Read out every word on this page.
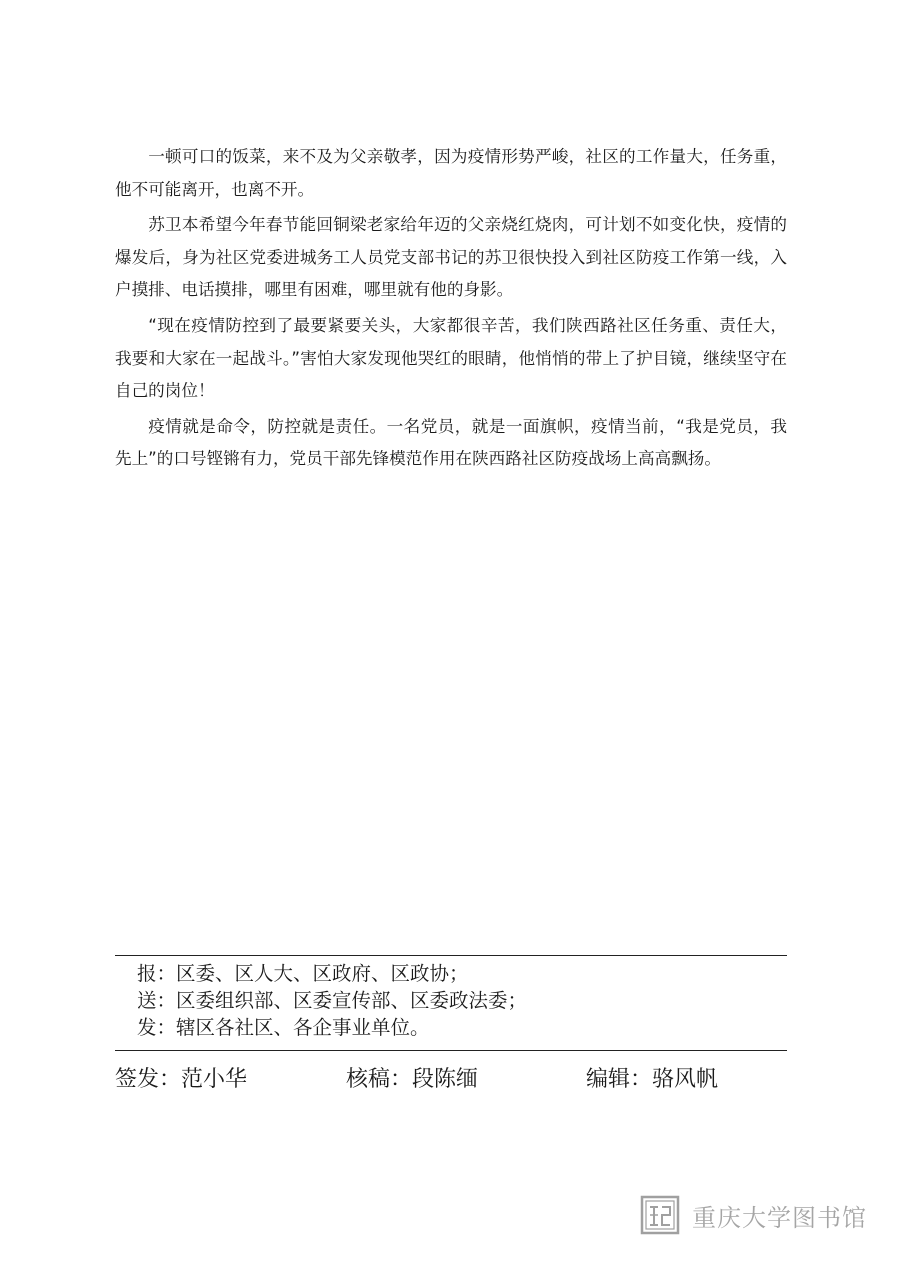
一顿可口的饭菜，来不及为父亲敬孝，因为疫情形势严峻，社区的工作量大，任务重，他不可能离开，也离不开。

苏卫本希望今年春节能回铜梁老家给年迈的父亲烧红烧肉，可计划不如变化快，疫情的爆发后，身为社区党委进城务工人员党支部书记的苏卫很快投入到社区防疫工作第一线，入户摸排、电话摸排，哪里有困难，哪里就有他的身影。

“现在疫情防控到了最要紧要关头，大家都很辛苦，我们陕西路社区任务重、责任大，我要和大家在一起战斗。”害怕大家发现他哭红的眼睛，他悄悄的带上了护目镜，继续坚守在自己的岗位！

疫情就是命令，防控就是责任。一名党员，就是一面旗帜，疫情当前，“我是党员，我先上”的口号铿锵有力，党员干部先锋模范作用在陕西路社区防疫战场上高高飘扬。

报：区委、区人大、区政府、区政协；
送：区委组织部、区委宣传部、区委政法委；
发：辖区各社区、各企事业单位。
签发：范小华	核稿：段陈缅	编辑：骆风帆
重庆大学图书馆
